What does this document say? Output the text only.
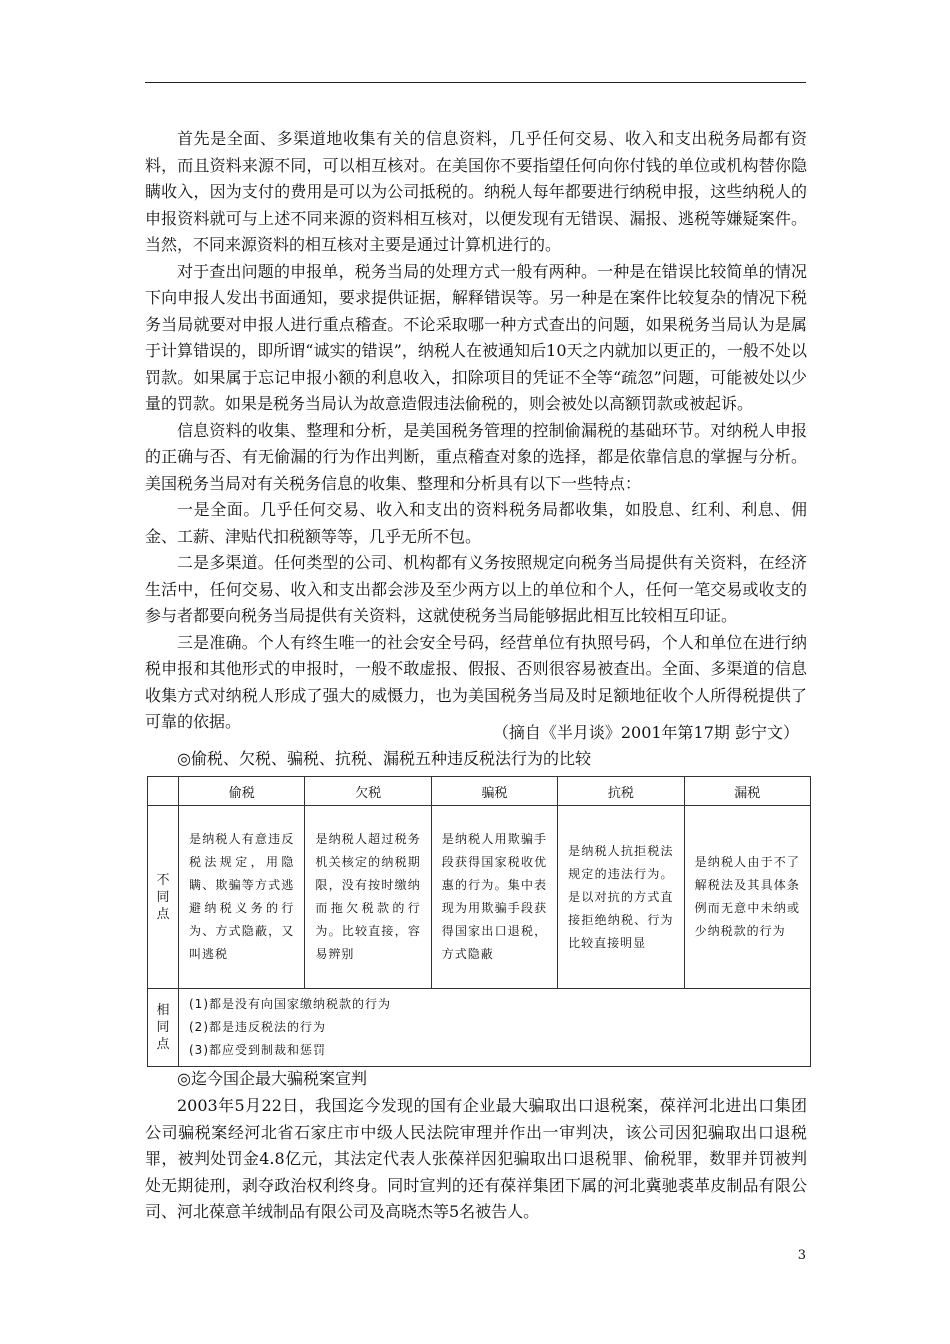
首先是全面、多渠道地收集有关的信息资料，几乎任何交易、收入和支出税务局都有资料，而且资料来源不同，可以相互核对。在美国你不要指望任何向你付钱的单位或机构替你隐瞒收入，因为支付的费用是可以为公司抵税的。纳税人每年都要进行纳税申报，这些纳税人的申报资料就可与上述不同来源的资料相互核对，以便发现有无错误、漏报、逃税等嫌疑案件。当然，不同来源资料的相互核对主要是通过计算机进行的。

对于查出问题的申报单，税务当局的处理方式一般有两种。一种是在错误比较简单的情况下向申报人发出书面通知，要求提供证据，解释错误等。另一种是在案件比较复杂的情况下税务当局就要对申报人进行重点稽查。不论采取哪一种方式查出的问题，如果税务当局认为是属于计算错误的，即所谓“诚实的错误”，纳税人在被通知后10天之内就加以更正的，一般不处以罚款。如果属于忘记申报小额的利息收入，扣除项目的凭证不全等“疏忽”问题，可能被处以少量的罚款。如果是税务当局认为故意造假违法偷税的，则会被处以高额罚款或被起诉。

信息资料的收集、整理和分析，是美国税务管理的控制偷漏税的基础环节。对纳税人申报的正确与否、有无偷漏的行为作出判断，重点稽查对象的选择，都是依靠信息的掌握与分析。美国税务当局对有关税务信息的收集、整理和分析具有以下一些特点：

一是全面。几乎任何交易、收入和支出的资料税务局都收集，如股息、红利、利息、佣金、工薪、津贴代扣税额等等，几乎无所不包。

二是多渠道。任何类型的公司、机构都有义务按照规定向税务当局提供有关资料，在经济生活中，任何交易、收入和支出都会涉及至少两方以上的单位和个人，任何一笔交易或收支的参与者都要向税务当局提供有关资料，这就使税务当局能够据此相互比较相互印证。

三是准确。个人有终生唯一的社会安全号码，经营单位有执照号码，个人和单位在进行纳税申报和其他形式的申报时，一般不敢虚报、假报、否则很容易被查出。全面、多渠道的信息收集方式对纳税人形成了强大的威慑力，也为美国税务当局及时足额地征收个人所得税提供了可靠的依据。

（摘自《半月谈》2001年第17期 彭宁文）
◎偷税、欠税、骗税、抗税、漏税五种违反税法行为的比较
	偷税	欠税	骗税	抗税	漏税
不同点	是纳税人有意违反税法规定，用隐瞒、欺骗等方式逃避纳税义务的行为、方式隐蔽，又叫逃税	是纳税人超过税务机关核定的纳税期限，没有按时缴纳而拖欠税款的行为。比较直接，容易辨别	是纳税人用欺骗手段获得国家税收优惠的行为。集中表现为用欺骗手段获得国家出口退税，方式隐蔽	是纳税人抗拒税法规定的违法行为。是以对抗的方式直接拒绝纳税、行为比较直接明显	是纳税人由于不了解税法及其具体条例而无意中未纳或少纳税款的行为
相同点	(1)都是没有向国家缴纳税款的行为
(2)都是违反税法的行为
(3)都应受到制裁和惩罚				
◎迄今国企最大骗税案宣判

2003年5月22日，我国迄今发现的国有企业最大骗取出口退税案，葆祥河北进出口集团公司骗税案经河北省石家庄市中级人民法院审理并作出一审判决，该公司因犯骗取出口退税罪，被判处罚金4.8亿元，其法定代表人张葆祥因犯骗取出口退税罪、偷税罪，数罪并罚被判处无期徒刑，剥夺政治权利终身。同时宣判的还有葆祥集团下属的河北冀驰裘革皮制品有限公司、河北葆意羊绒制品有限公司及高晓杰等5名被告人。

3
